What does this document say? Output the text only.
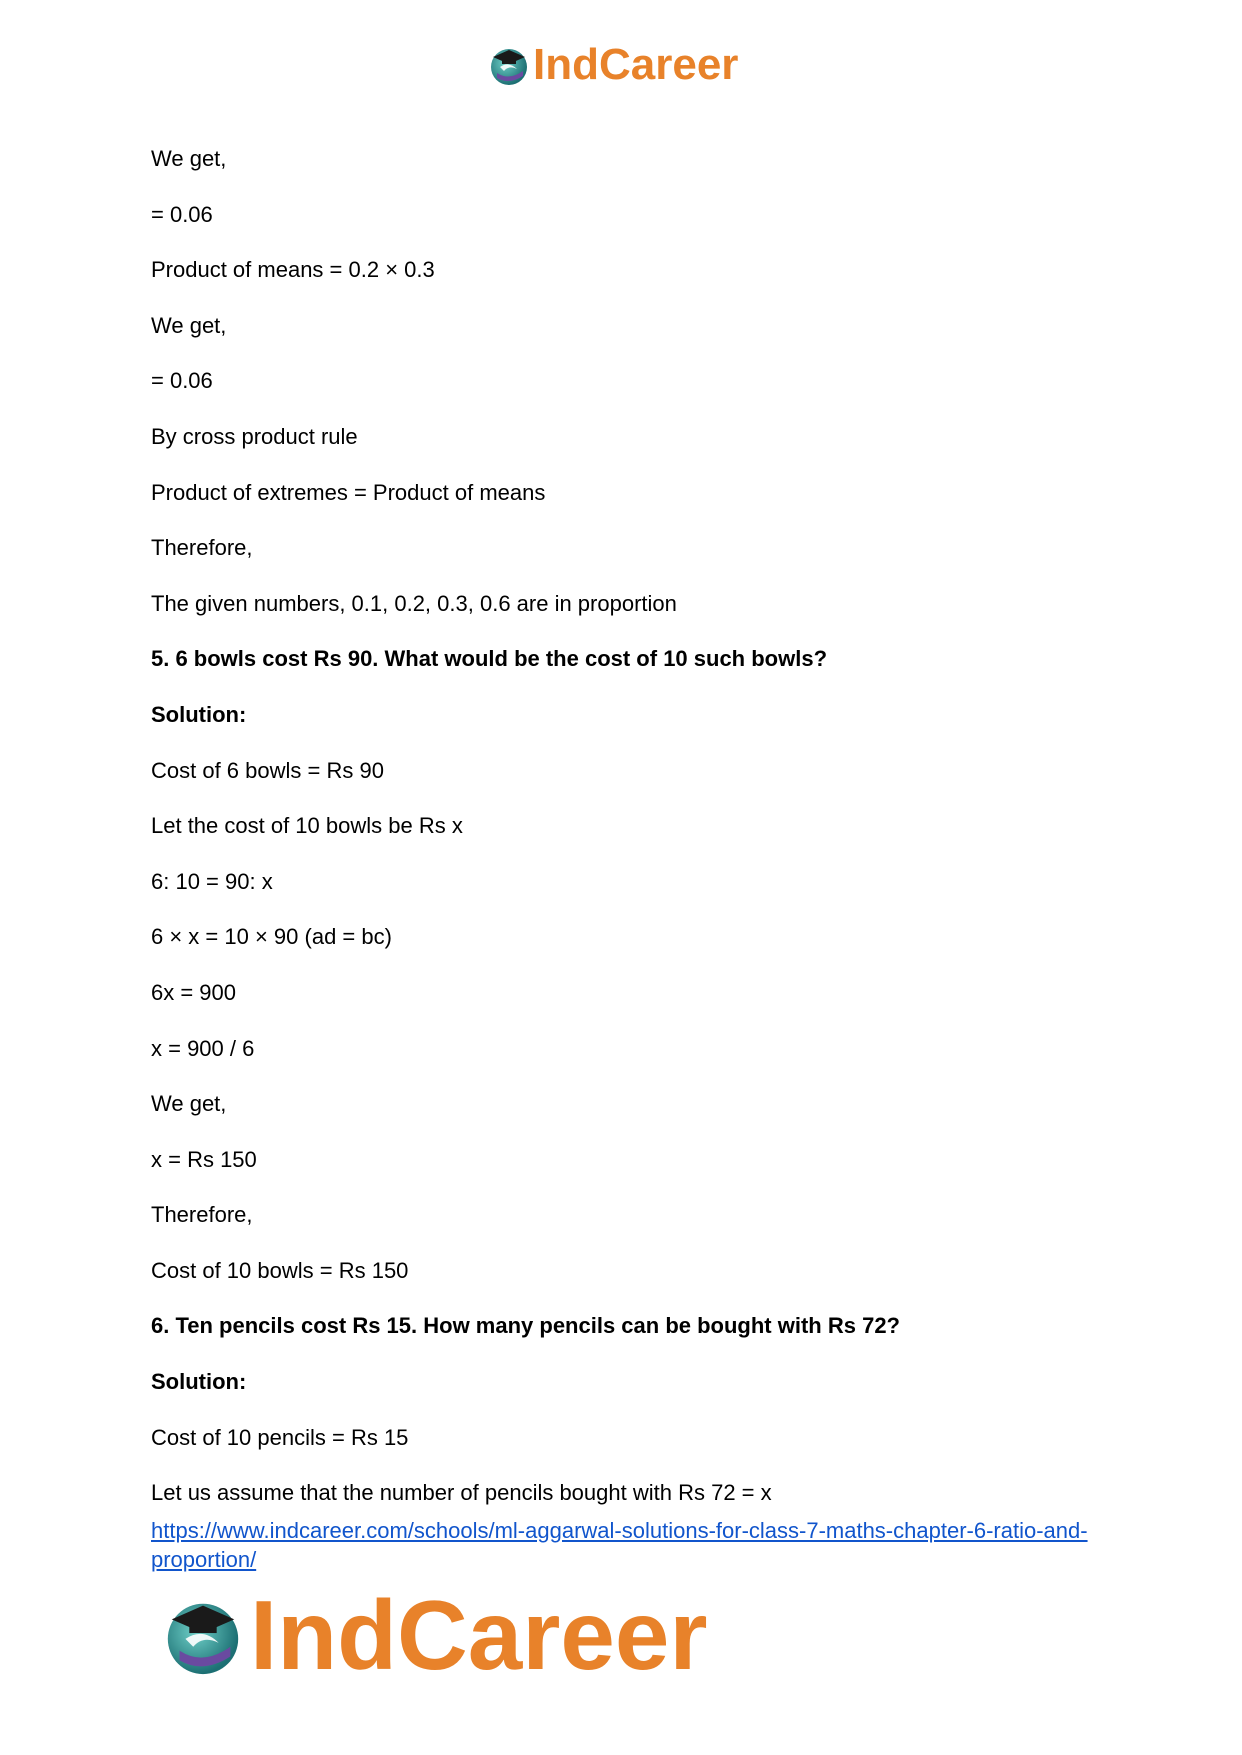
IndCareer
We get,
= 0.06
Product of means = 0.2 × 0.3
We get,
= 0.06
By cross product rule
Product of extremes = Product of means
Therefore,
The given numbers, 0.1, 0.2, 0.3, 0.6 are in proportion
5. 6 bowls cost Rs 90. What would be the cost of 10 such bowls?
Solution:
Cost of 6 bowls = Rs 90
Let the cost of 10 bowls be Rs x
6: 10 = 90: x
6 × x = 10 × 90 (ad = bc)
6x = 900
x = 900 / 6
We get,
x = Rs 150
Therefore,
Cost of 10 bowls = Rs 150
6. Ten pencils cost Rs 15. How many pencils can be bought with Rs 72?
Solution:
Cost of 10 pencils = Rs 15
Let us assume that the number of pencils bought with Rs 72 = x
https://www.indcareer.com/schools/ml-aggarwal-solutions-for-class-7-maths-chapter-6-ratio-and-proportion/
IndCareer
